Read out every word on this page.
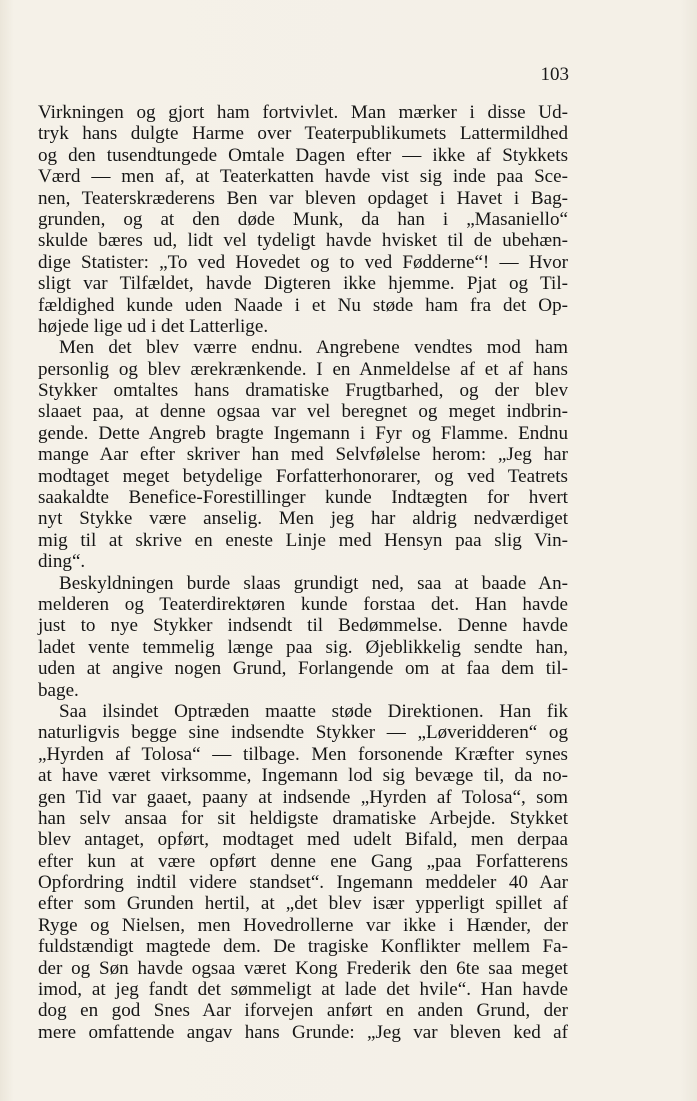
103
Virkningen og gjort ham fortvivlet. Man mærker i disse Ud-
tryk hans dulgte Harme over Teaterpublikumets Lattermildhed
og den tusendtungede Omtale Dagen efter — ikke af Stykkets
Værd — men af, at Teaterkatten havde vist sig inde paa Sce-
nen, Teaterskræderens Ben var bleven opdaget i Havet i Bag-
grunden, og at den døde Munk, da han i „Masaniello“
skulde bæres ud, lidt vel tydeligt havde hvisket til de ubehæn-
dige Statister: „To ved Hovedet og to ved Fødderne“! — Hvor
sligt var Tilfældet, havde Digteren ikke hjemme. Pjat og Til-
fældighed kunde uden Naade i et Nu støde ham fra det Op-
højede lige ud i det Latterlige.
Men det blev værre endnu. Angrebene vendtes mod ham
personlig og blev ærekrænkende. I en Anmeldelse af et af hans
Stykker omtaltes hans dramatiske Frugtbarhed, og der blev
slaaet paa, at denne ogsaa var vel beregnet og meget indbrin-
gende. Dette Angreb bragte Ingemann i Fyr og Flamme. Endnu
mange Aar efter skriver han med Selvfølelse herom: „Jeg har
modtaget meget betydelige Forfatterhonorarer, og ved Teatrets
saakaldte Benefice-Forestillinger kunde Indtægten for hvert
nyt Stykke være anselig. Men jeg har aldrig nedværdiget
mig til at skrive en eneste Linje med Hensyn paa slig Vin-
ding“.
Beskyldningen burde slaas grundigt ned, saa at baade An-
melderen og Teaterdirektøren kunde forstaa det. Han havde
just to nye Stykker indsendt til Bedømmelse. Denne havde
ladet vente temmelig længe paa sig. Øjeblikkelig sendte han,
uden at angive nogen Grund, Forlangende om at faa dem til-
bage.
Saa ilsindet Optræden maatte støde Direktionen. Han fik
naturligvis begge sine indsendte Stykker — „Løveridderen“ og
„Hyrden af Tolosa“ — tilbage. Men forsonende Kræfter synes
at have været virksomme, Ingemann lod sig bevæge til, da no-
gen Tid var gaaet, paany at indsende „Hyrden af Tolosa“, som
han selv ansaa for sit heldigste dramatiske Arbejde. Stykket
blev antaget, opført, modtaget med udelt Bifald, men derpaa
efter kun at være opført denne ene Gang „paa Forfatterens
Opfordring indtil videre standset“. Ingemann meddeler 40 Aar
efter som Grunden hertil, at „det blev især ypperligt spillet af
Ryge og Nielsen, men Hovedrollerne var ikke i Hænder, der
fuldstændigt magtede dem. De tragiske Konflikter mellem Fa-
der og Søn havde ogsaa været Kong Frederik den 6te saa meget
imod, at jeg fandt det sømmeligt at lade det hvile“. Han havde
dog en god Snes Aar iforvejen anført en anden Grund, der
mere omfattende angav hans Grunde: „Jeg var bleven ked af
